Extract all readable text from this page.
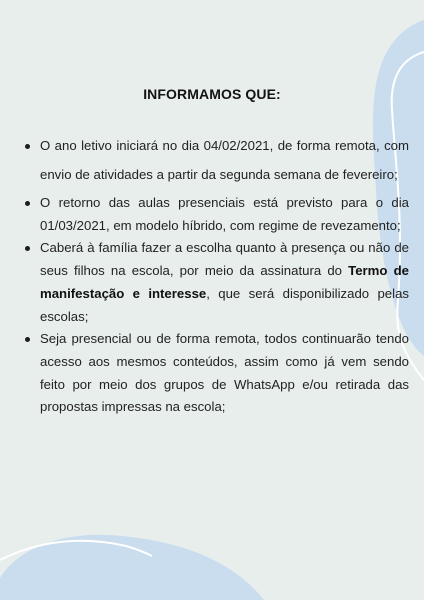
INFORMAMOS QUE:
O ano letivo iniciará no dia 04/02/2021, de forma remota, com envio de atividades a partir da segunda semana de fevereiro;
O retorno das aulas presenciais está previsto para o dia 01/03/2021, em modelo híbrido, com regime de revezamento;
Caberá à família fazer a escolha quanto à presença ou não de seus filhos na escola, por meio da assinatura do Termo de manifestação e interesse, que será disponibilizado pelas escolas;
Seja presencial ou de forma remota, todos continuarão tendo acesso aos mesmos conteúdos, assim como já vem sendo feito por meio dos grupos de WhatsApp e/ou retirada das propostas impressas na escola;
